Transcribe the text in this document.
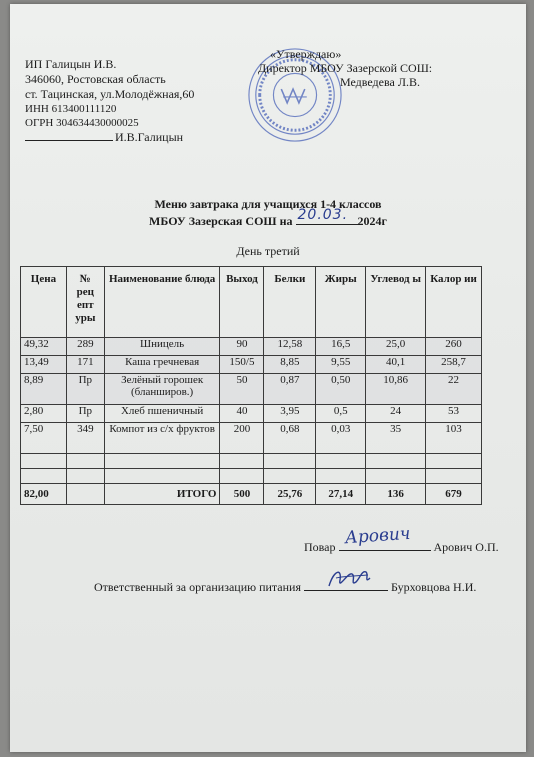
ИП Галицын И.В.
346060, Ростовская область
ст. Тацинская, ул.Молодёжная,60
ИНН 613400111120
ОГРН 304634430000025
И.В.Галицын
«Утверждаю»
Директор МБОУ Зазерской СОШ:
Медведева Л.В.
Меню завтрака для учащихся 1-4 классов
МБОУ Зазерская СОШ на 20.03. 2024г
День третий
Цена	№ рец епт уры	Наименование блюда	Выход	Белки	Жиры	Углевод ы	Калор ии
49,32	289	Шницель	90	12,58	16,5	25,0	260
13,49	171	Каша гречневая	150/5	8,85	9,55	40,1	258,7
8,89	Пр	Зелёный горошек (бланширов.)	50	0,87	0,50	10,86	22
2,80	Пр	Хлеб пшеничный	40	3,95	0,5	24	53
7,50	349	Компот из с/х фруктов	200	0,68	0,03	35	103

82,00		ИТОГО	500	25,76	27,14	136	679
Повар Арович Арович О.П.
Ответственный за организацию питания	Бурховцова Н.И.
